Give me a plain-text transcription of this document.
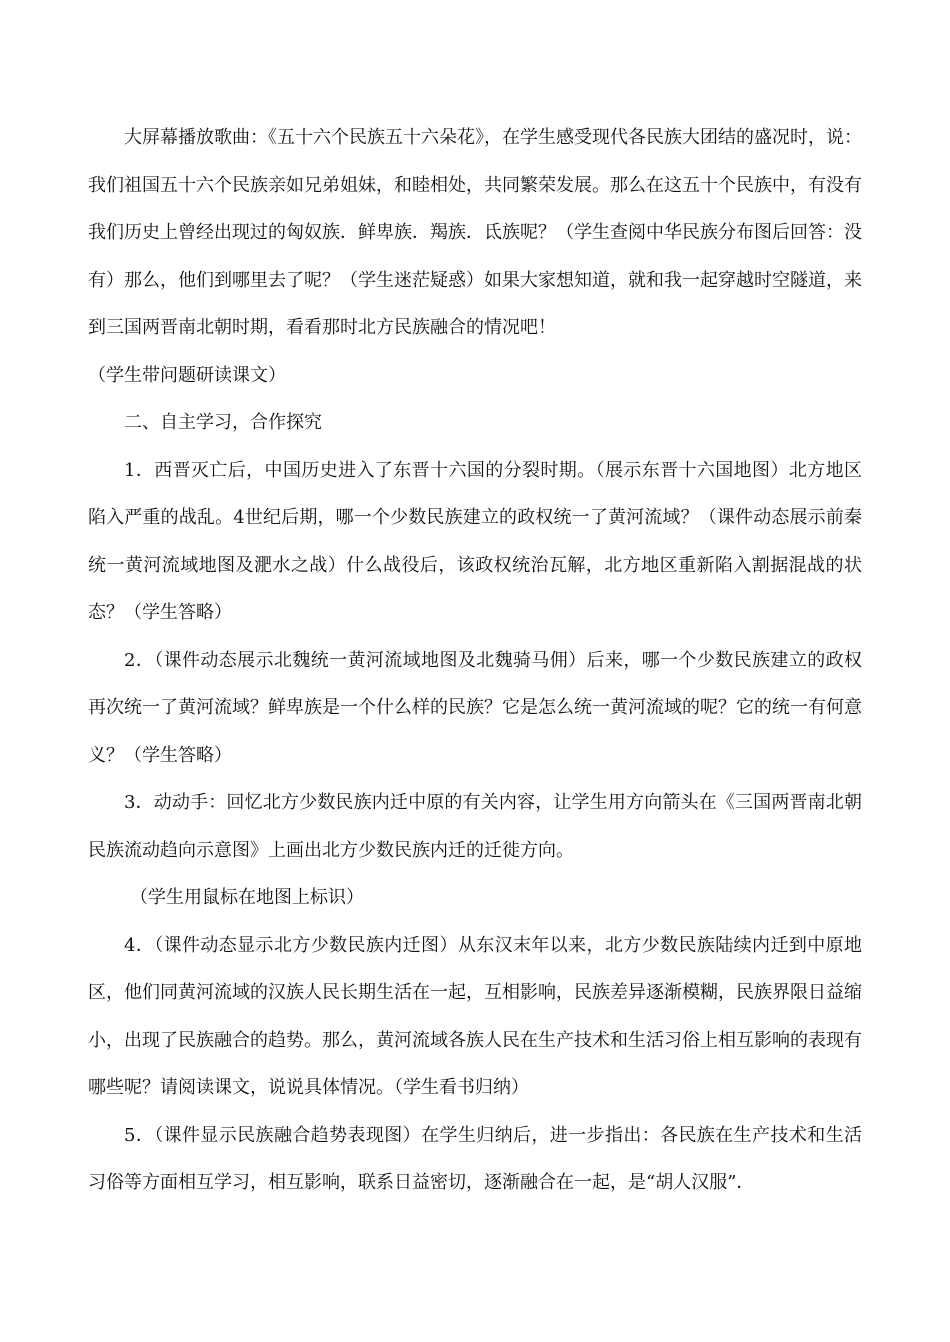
大屏幕播放歌曲：《五十六个民族五十六朵花》，在学生感受现代各民族大团结的盛况时，说：我们祖国五十六个民族亲如兄弟姐妹，和睦相处，共同繁荣发展。那么在这五十个民族中，有没有我们历史上曾经出现过的匈奴族．鲜卑族．羯族．氐族呢？（学生查阅中华民族分布图后回答：没有）那么，他们到哪里去了呢？（学生迷茫疑惑）如果大家想知道，就和我一起穿越时空隧道，来到三国两晋南北朝时期，看看那时北方民族融合的情况吧！

（学生带问题研读课文）

二、自主学习，合作探究

1．西晋灭亡后，中国历史进入了东晋十六国的分裂时期。（展示东晋十六国地图）北方地区陷入严重的战乱。4世纪后期，哪一个少数民族建立的政权统一了黄河流域？（课件动态展示前秦统一黄河流域地图及淝水之战）什么战役后，该政权统治瓦解，北方地区重新陷入割据混战的状态？（学生答略）

2．（课件动态展示北魏统一黄河流域地图及北魏骑马佣）后来，哪一个少数民族建立的政权再次统一了黄河流域？鲜卑族是一个什么样的民族？它是怎么统一黄河流域的呢？它的统一有何意义？（学生答略）

3．动动手：回忆北方少数民族内迁中原的有关内容，让学生用方向箭头在《三国两晋南北朝民族流动趋向示意图》上画出北方少数民族内迁的迁徙方向。

（学生用鼠标在地图上标识）

4．（课件动态显示北方少数民族内迁图）从东汉末年以来，北方少数民族陆续内迁到中原地区，他们同黄河流域的汉族人民长期生活在一起，互相影响，民族差异逐渐模糊，民族界限日益缩小，出现了民族融合的趋势。那么，黄河流域各族人民在生产技术和生活习俗上相互影响的表现有哪些呢？请阅读课文，说说具体情况。（学生看书归纳）

5．（课件显示民族融合趋势表现图）在学生归纳后，进一步指出：各民族在生产技术和生活习俗等方面相互学习，相互影响，联系日益密切，逐渐融合在一起，是“胡人汉服”．
